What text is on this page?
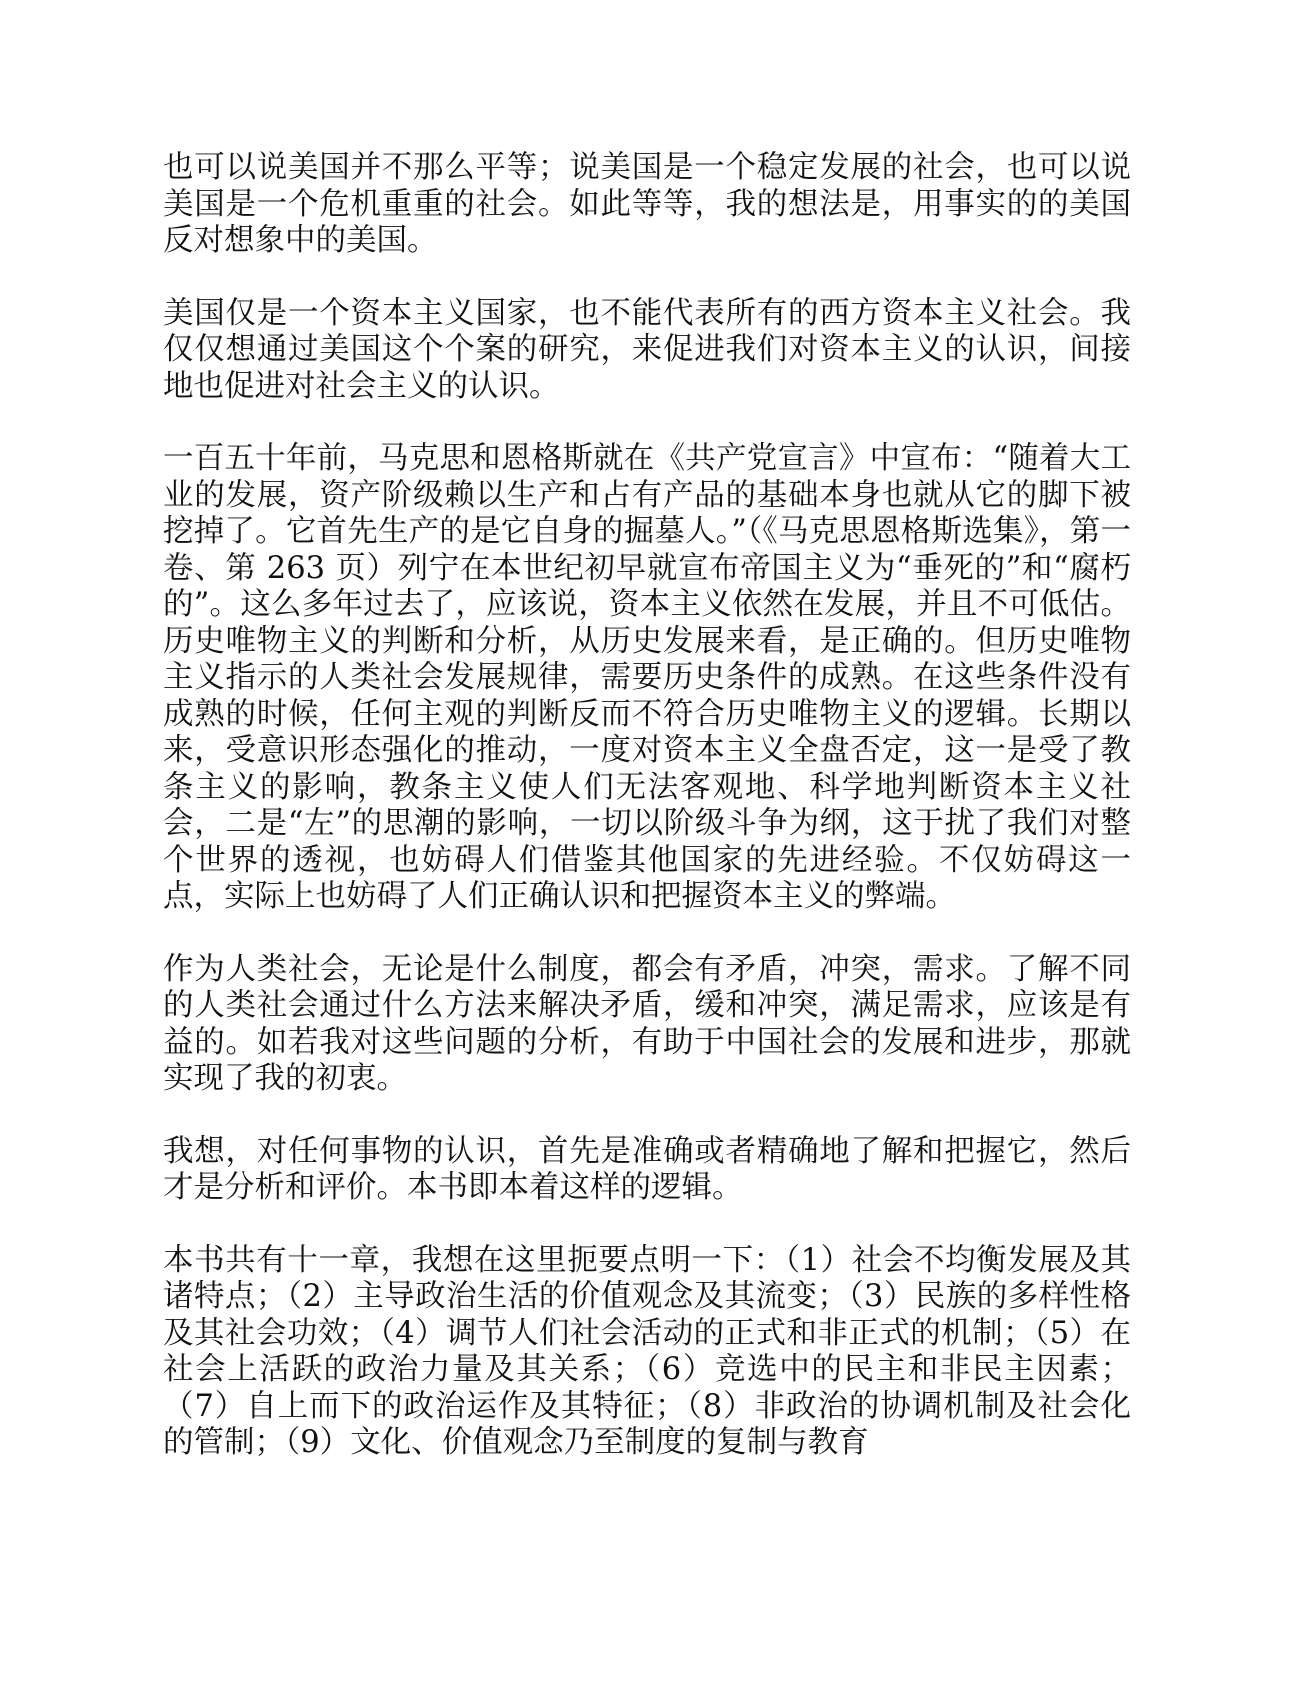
也可以说美国并不那么平等；说美国是一个稳定发展的社会，也可以说美国是一个危机重重的社会。如此等等，我的想法是，用事实的的美国反对想象中的美国。

美国仅是一个资本主义国家，也不能代表所有的西方资本主义社会。我仅仅想通过美国这个个案的研究，来促进我们对资本主义的认识，间接地也促进对社会主义的认识。

一百五十年前，马克思和恩格斯就在《共产党宣言》中宣布：“随着大工业的发展，资产阶级赖以生产和占有产品的基础本身也就从它的脚下被挖掉了。它首先生产的是它自身的掘墓人。”（《马克思恩格斯选集》，第一卷、第 263 页）列宁在本世纪初早就宣布帝国主义为“垂死的”和“腐朽的”。这么多年过去了，应该说，资本主义依然在发展，并且不可低估。历史唯物主义的判断和分析，从历史发展来看，是正确的。但历史唯物主义指示的人类社会发展规律，需要历史条件的成熟。在这些条件没有成熟的时候，任何主观的判断反而不符合历史唯物主义的逻辑。长期以来，受意识形态强化的推动，一度对资本主义全盘否定，这一是受了教条主义的影响，教条主义使人们无法客观地、科学地判断资本主义社会，二是“左”的思潮的影响，一切以阶级斗争为纲，这于扰了我们对整个世界的透视，也妨碍人们借鉴其他国家的先进经验。不仅妨碍这一点，实际上也妨碍了人们正确认识和把握资本主义的弊端。

作为人类社会，无论是什么制度，都会有矛盾，冲突，需求。了解不同的人类社会通过什么方法来解决矛盾，缓和冲突，满足需求，应该是有益的。如若我对这些问题的分析，有助于中国社会的发展和进步，那就实现了我的初衷。

我想，对任何事物的认识，首先是准确或者精确地了解和把握它，然后才是分析和评价。本书即本着这样的逻辑。

本书共有十一章，我想在这里扼要点明一下：（1）社会不均衡发展及其诸特点；（2）主导政治生活的价值观念及其流变；（3）民族的多样性格及其社会功效；（4）调节人们社会活动的正式和非正式的机制；（5）在社会上活跃的政治力量及其关系；（6）竞选中的民主和非民主因素；（7）自上而下的政治运作及其特征；（8）非政治的协调机制及社会化的管制；（9）文化、价值观念乃至制度的复制与教育
